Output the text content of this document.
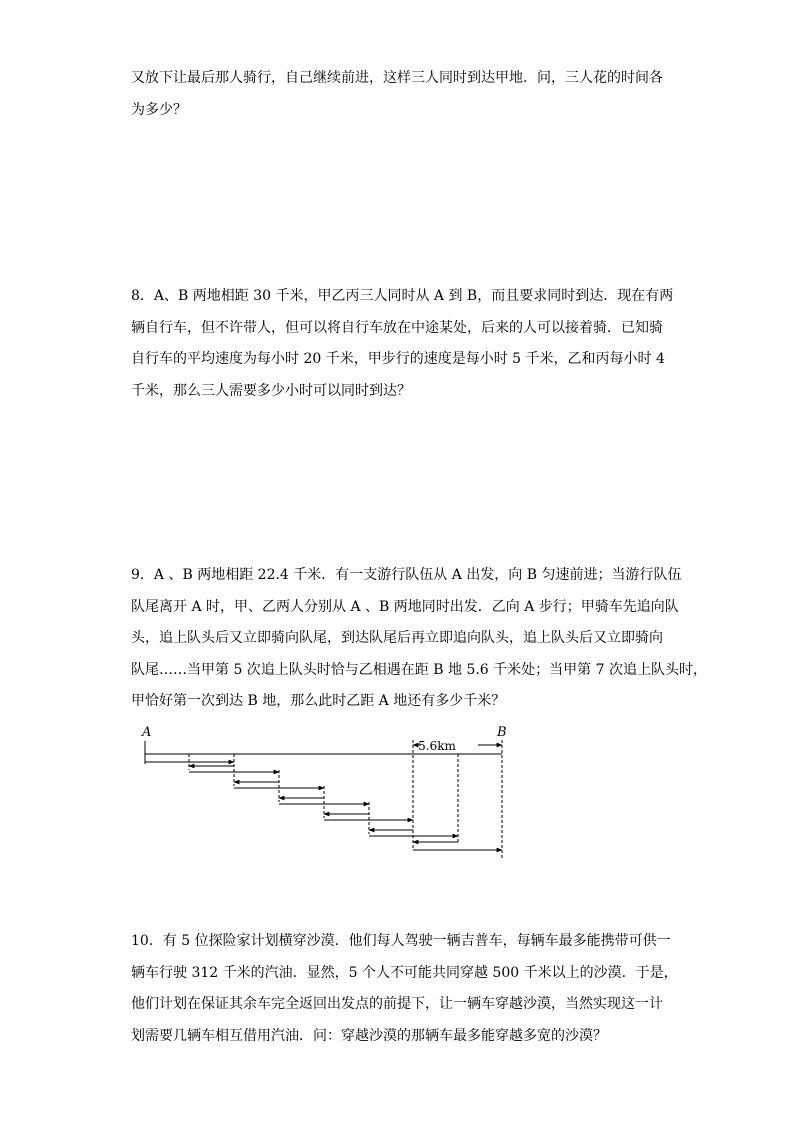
又放下让最后那人骑行，自己继续前进，这样三人同时到达甲地．问，三人花的时间各
为多少？
8．A、B 两地相距 30 千米，甲乙丙三人同时从 A 到 B，而且要求同时到达．现在有两
辆自行车，但不许带人，但可以将自行车放在中途某处，后来的人可以接着骑．已知骑
自行车的平均速度为每小时 20 千米，甲步行的速度是每小时 5 千米，乙和丙每小时 4
千米，那么三人需要多少小时可以同时到达？
9．A 、B 两地相距 22.4 千米．有一支游行队伍从 A 出发，向 B 匀速前进；当游行队伍
队尾离开 A 时，甲、乙两人分别从 A 、B 两地同时出发．乙向 A 步行；甲骑车先追向队
头，追上队头后又立即骑向队尾，到达队尾后再立即追向队头，追上队头后又立即骑向
队尾……当甲第 5 次追上队头时恰与乙相遇在距 B 地 5.6 千米处；当甲第 7 次追上队头时，
甲恰好第一次到达 B 地，那么此时乙距 A 地还有多少千米？
A	B
5.6km
10．有 5 位探险家计划横穿沙漠．他们每人驾驶一辆吉普车，每辆车最多能携带可供一
辆车行驶 312 千米的汽油．显然，5 个人不可能共同穿越 500 千米以上的沙漠．于是，
他们计划在保证其余车完全返回出发点的前提下，让一辆车穿越沙漠，当然实现这一计
划需要几辆车相互借用汽油．问：穿越沙漠的那辆车最多能穿越多宽的沙漠？
